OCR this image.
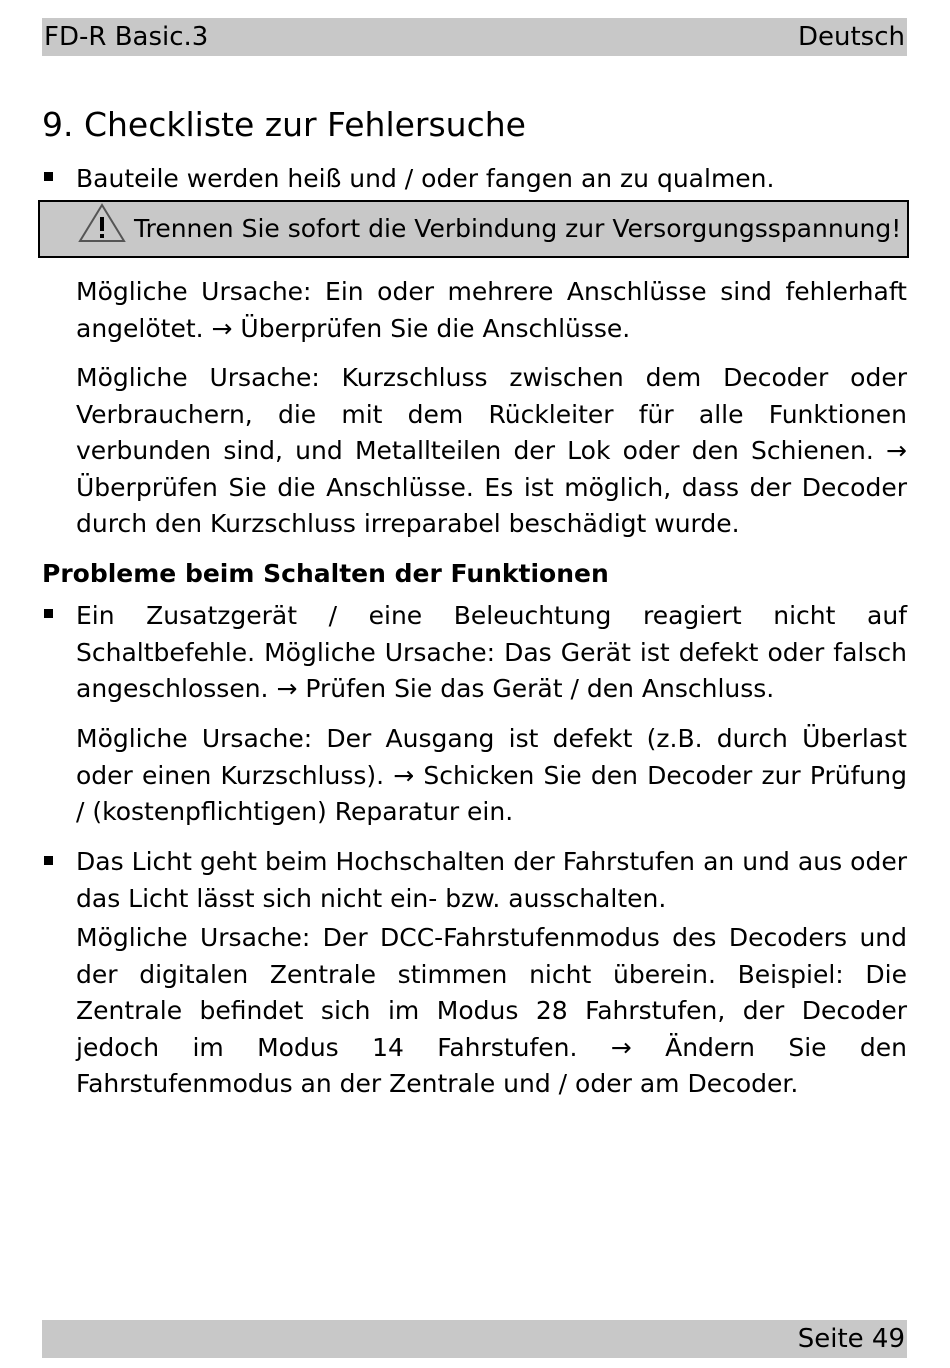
FD-R Basic.3	Deutsch
9. Checkliste zur Fehlersuche
Bauteile werden heiß und / oder fangen an zu qualmen.
Trennen Sie sofort die Verbindung zur Versorgungsspannung!

Mögliche Ursache: Ein oder mehrere Anschlüsse sind fehlerhaft angelötet. → Überprüfen Sie die Anschlüsse.

Mögliche Ursache: Kurzschluss zwischen dem Decoder oder Verbrauchern, die mit dem Rückleiter für alle Funktionen verbunden sind, und Metallteilen der Lok oder den Schienen. → Überprüfen Sie die Anschlüsse. Es ist möglich, dass der Decoder durch den Kurzschluss irreparabel beschädigt wurde.

Probleme beim Schalten der Funktionen

Ein Zusatzgerät / eine Beleuchtung reagiert nicht auf Schaltbefehle. Mögliche Ursache: Das Gerät ist defekt oder falsch angeschlossen. → Prüfen Sie das Gerät / den Anschluss.

Mögliche Ursache: Der Ausgang ist defekt (z.B. durch Überlast oder einen Kurzschluss). → Schicken Sie den Decoder zur Prüfung / (kostenpflichtigen) Reparatur ein.

Das Licht geht beim Hochschalten der Fahrstufen an und aus oder das Licht lässt sich nicht ein- bzw. ausschalten.

Mögliche Ursache: Der DCC-Fahrstufenmodus des Decoders und der digitalen Zentrale stimmen nicht überein. Beispiel: Die Zentrale befindet sich im Modus 28 Fahrstufen, der Decoder jedoch im Modus 14 Fahrstufen. → Ändern Sie den Fahrstufenmodus an der Zentrale und / oder am Decoder.

Seite 49
